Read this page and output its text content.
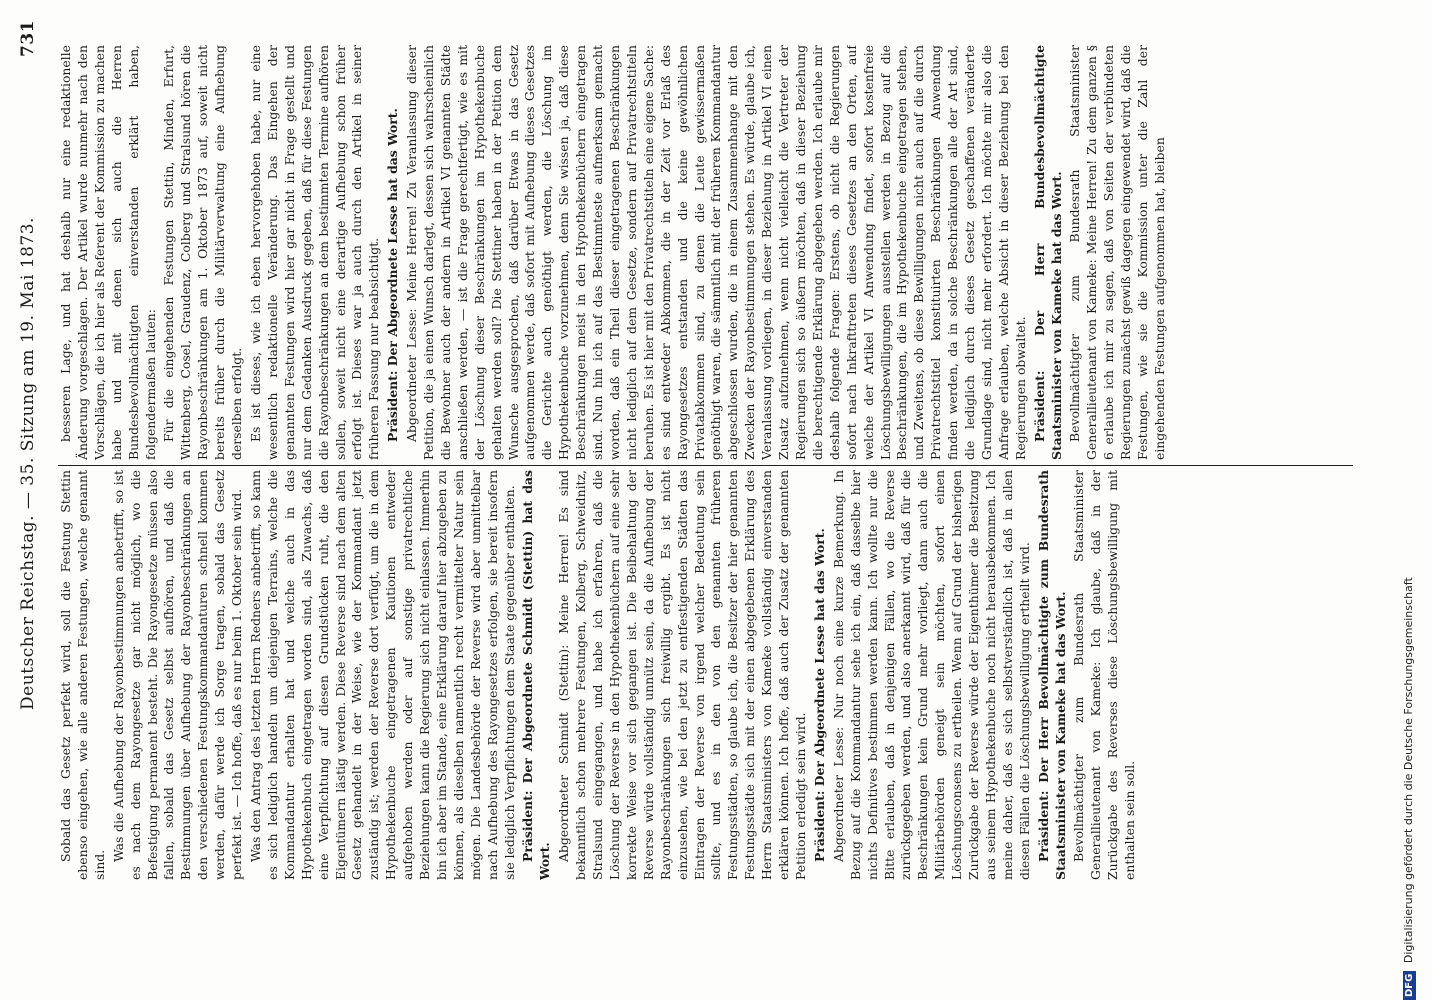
Deutscher Reichstag. — 35. Sitzung am 19. Mai 1873.
731

Sobald das Gesetz perfekt wird, soll die Festung Stettin ebenso eingehen, wie alle anderen Festungen, welche genannt sind.

Was die Aufhebung der Rayonbestimmungen anbetrifft, so ist es nach dem Rayongesetze gar nicht möglich, wo die Befestigung permanent besteht. Die Rayongesetze müssen also fallen, sobald das Gesetz selbst aufhören, und daß die Bestimmungen über Aufhebung der Rayonbeschränkungen an den verschiedenen Festungskommandanturen schnell kommen werden, dafür werde ich Sorge tragen, sobald das Gesetz perfekt ist. — Ich hoffe, daß es nur beim 1. Oktober sein wird. Was den Antrag des letzten Herrn Redners anbetrifft, so kann es sich lediglich handeln um diejenigen Terrains, welche die Kommandantur erhalten hat und welche auch in das Hypothekenbuch eingetragen worden sind, als Zuwachs, daß eine Verpflichtung auf diesen Grundstücken ruht, die den Eigentümern lästig werden. Diese Reverse sind nach dem alten Gesetz gehandelt in der Weise, wie der Kommandant jetzt zuständig ist; werden der Reverse dort verfügt, um die in dem Hypothekenbuche eingetragenen Kautionen entweder aufgehoben werden oder auf sonstige privatrechtliche Beziehungen kann die Regierung sich nicht einlassen. Immerhin bin ich aber im Stande, eine Erklärung darauf hier abzugeben zu können, als dieselben namentlich recht vermittelter Natur sein mögen. Die Landesbehörde der Reverse wird aber unmittelbar nach Aufhebung des Rayongesetzes erfolgen, sie bereit insofern sie lediglich Verpflichtungen dem Staate gegenüber enthalten. Präsident: Der Abgeordnete Schmidt (Stettin) hat das Wort. Abgeordneter Schmidt (Stettin): Meine Herren! Es sind bekanntlich schon mehrere Festungen, Kolberg, Schweidnitz, Stralsund eingegangen, und habe ich erfahren, daß die Löschung der Reverse in den Hypothekenbüchern auf eine sehr korrekte Weise vor sich gegangen ist. Die Beibehaltung der Reverse würde vollständig unnütz sein, da die Aufhebung der Rayonbeschränkungen sich freiwillig ergibt. Es ist nicht einzusehen, wie bei den jetzt zu entfestigenden Städten das Eintragen der Reverse von irgend welcher Bedeutung sein sollte, und es in den von den genannten früheren Festungsstädten, so glaube ich, die Besitzer der hier genannten Festungsstädte sich mit der einen abgegebenen Erklärung des Herrn Staatsministers von Kameke vollständig einverstanden erklären können. Ich hoffe, daß auch der Zusatz der genannten Petition erledigt sein wird. Präsident: Der Abgeordnete Lesse hat das Wort. Abgeordneter Lesse: Nur noch eine kurze Bemerkung. In Bezug auf die Kommandantur sehe ich ein, daß dasselbe hier nichts Definitives bestimmen werden kann. Ich wollte nur die Bitte erlauben, daß in denjenigen Fällen, wo die Reverse zurückgegeben werden, und also anerkannt wird, daß für die Beschränkungen kein Grund mehr vorliegt, dann auch die Militärbehörden geneigt sein möchten, sofort einen Löschungsconsens zu ertheilen. Wenn auf Grund der bisherigen Zurückgabe der Reverse würde der Eigenthümer die Besitzung aus seinem Hypothekenbuche noch nicht herausbekommen. Ich meine daher, daß es sich selbstverständlich ist, daß in allen diesen Fällen die Löschungsbewilligung ertheilt wird. Präsident: Der Herr Bevollmächtigte zum Bundesrath Staatsminister von Kameke hat das Wort. Bevollmächtigter zum Bundesrath Staatsminister Generallieutenant von Kameke: Ich glaube, daß in der Zurückgabe des Reverses diese Löschungsbewilligung mit enthalten sein soll.

besseren Lage, und hat deshalb nur eine redaktionelle Änderung vorgeschlagen. Der Artikel wurde nunmehr nach den Vorschlägen, die ich hier als Referent der Kommission zu machen habe und mit denen sich auch die Herren Bundesbevollmächtigten einverstanden erklärt haben, folgendermaßen lauten: Für die eingehenden Festungen Stettin, Minden, Erfurt, Wittenberg, Cosel, Graudenz, Colberg und Stralsund hören die Rayonbeschränkungen am 1. Oktober 1873 auf, soweit nicht bereits früher durch die Militärverwaltung eine Aufhebung derselben erfolgt. Es ist dieses, wie ich eben hervorgehoben habe, nur eine wesentlich redaktionelle Veränderung. Das Eingehen der genannten Festungen wird hier gar nicht in Frage gestellt und nur dem Gedanken Ausdruck gegeben, daß für diese Festungen die Rayonbeschränkungen an dem bestimmten Termine aufhören sollen, soweit nicht eine derartige Aufhebung schon früher erfolgt ist. Dieses war ja auch durch den Artikel in seiner früheren Fassung nur beabsichtigt. Präsident: Der Abgeordnete Lesse hat das Wort. Abgeordneter Lesse: Meine Herren! Zu Veranlassung dieser Petition, die ja einen Wunsch darlegt, dessen sich wahrscheinlich die Bewohner auch der andern in Artikel VI genannten Städte anschließen werden, — ist die Frage gerechtfertigt, wie es mit der Löschung dieser Beschränkungen im Hypothekenbuche gehalten werden soll? Die Stettiner haben in der Petition dem Wunsche ausgesprochen, daß darüber Etwas in das Gesetz aufgenommen werde, daß sofort mit Aufhebung dieses Gesetzes die Gerichte auch genöthigt werden, die Löschung im Hypothekenbuche vorzunehmen, denn Sie wissen ja, daß diese Beschränkungen meist in den Hypothekenbüchern eingetragen sind. Nun hin ich auf das Bestimmteste aufmerksam gemacht worden, daß ein Theil dieser eingetragenen Beschränkungen nicht lediglich auf dem Gesetze, sondern auf Privatrechtstiteln beruhen. Es ist hier mit den Privatrechtstiteln eine eigene Sache: es sind entweder Abkommen, die in der Zeit vor Erlaß des Rayongesetzes entstanden und die keine gewöhnlichen Privatabkommen sind, zu denen die Leute gewissermaßen genöthigt waren, die sämmtlich mit der früheren Kommandantur abgeschlossen wurden, die in einem Zusammenhange mit den Zwecken der Rayonbestimmungen stehen. Es würde, glaube ich, Veranlassung vorliegen, in dieser Beziehung in Artikel VI einen Zusatz aufzunehmen, wenn nicht vielleicht die Vertreter der Regierungen sich so äußern möchten, daß in dieser Beziehung die berechtigende Erklärung abgegeben werden. Ich erlaube mir deshalb folgende Fragen: Erstens, ob nicht die Regierungen sofort nach Inkrafttreten dieses Gesetzes an den Orten, auf welche der Artikel VI Anwendung findet, sofort kostenfreie Löschungsbewilligungen ausstellen werden in Bezug auf die Beschränkungen, die im Hypothekenbuche eingetragen stehen, und Zweitens, ob diese Bewilligungen nicht auch auf die durch Privatrechtstitel konstituirten Beschränkungen Anwendung finden werden, da in solche Beschränkungen alle der Art sind, die lediglich durch dieses Gesetz geschaffenen veränderte Grundlage sind, nicht mehr erfordert. Ich möchte mir also die Anfrage erlauben, welche Absicht in dieser Beziehung bei den Regierungen obwaltet. Präsident: Der Herr Bundesbevollmächtigte Staatsminister von Kameke hat das Wort. Bevollmächtigter zum Bundesrath Staatsminister Generallieutenant von Kameke: Meine Herren! Zu dem ganzen § 6 erlaube ich mir zu sagen, daß von Seiten der verbündeten Regierungen zunächst gewiß dagegen eingewendet wird, daß die Festungen, wie sie die Kommission unter die Zahl der eingehenden Festungen aufgenommen hat, bleiben

DFG Digitalisierung gefördert durch die Deutsche Forschungsgemeinschaft
